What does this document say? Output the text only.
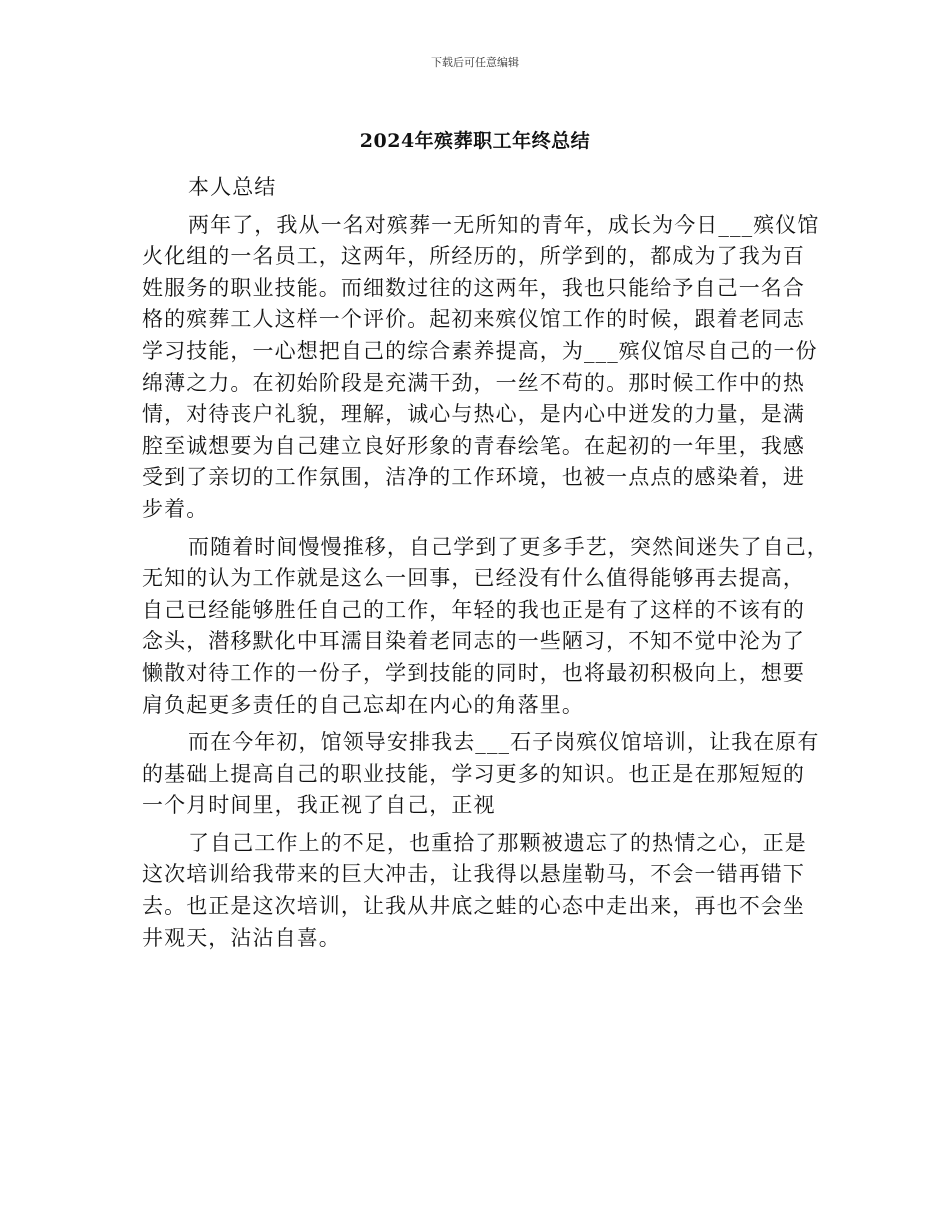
下载后可任意编辑
2024年殡葬职工年终总结
本人总结
两年了，我从一名对殡葬一无所知的青年，成长为今日___殡仪馆
火化组的一名员工，这两年，所经历的，所学到的，都成为了我为百
姓服务的职业技能。而细数过往的这两年，我也只能给予自己一名合
格的殡葬工人这样一个评价。起初来殡仪馆工作的时候，跟着老同志
学习技能，一心想把自己的综合素养提高，为___殡仪馆尽自己的一份
绵薄之力。在初始阶段是充满干劲，一丝不苟的。那时候工作中的热
情，对待丧户礼貌，理解，诚心与热心，是内心中迸发的力量，是满
腔至诚想要为自己建立良好形象的青春绘笔。在起初的一年里，我感
受到了亲切的工作氛围，洁净的工作环境，也被一点点的感染着，进
步着。
而随着时间慢慢推移，自己学到了更多手艺，突然间迷失了自己，
无知的认为工作就是这么一回事，已经没有什么值得能够再去提高，
自己已经能够胜任自己的工作，年轻的我也正是有了这样的不该有的
念头，潜移默化中耳濡目染着老同志的一些陋习，不知不觉中沦为了
懒散对待工作的一份子，学到技能的同时，也将最初积极向上，想要
肩负起更多责任的自己忘却在内心的角落里。
而在今年初，馆领导安排我去___石子岗殡仪馆培训，让我在原有
的基础上提高自己的职业技能，学习更多的知识。也正是在那短短的
一个月时间里，我正视了自己，正视
了自己工作上的不足，也重拾了那颗被遗忘了的热情之心，正是
这次培训给我带来的巨大冲击，让我得以悬崖勒马，不会一错再错下
去。也正是这次培训，让我从井底之蛙的心态中走出来，再也不会坐
井观天，沾沾自喜。
